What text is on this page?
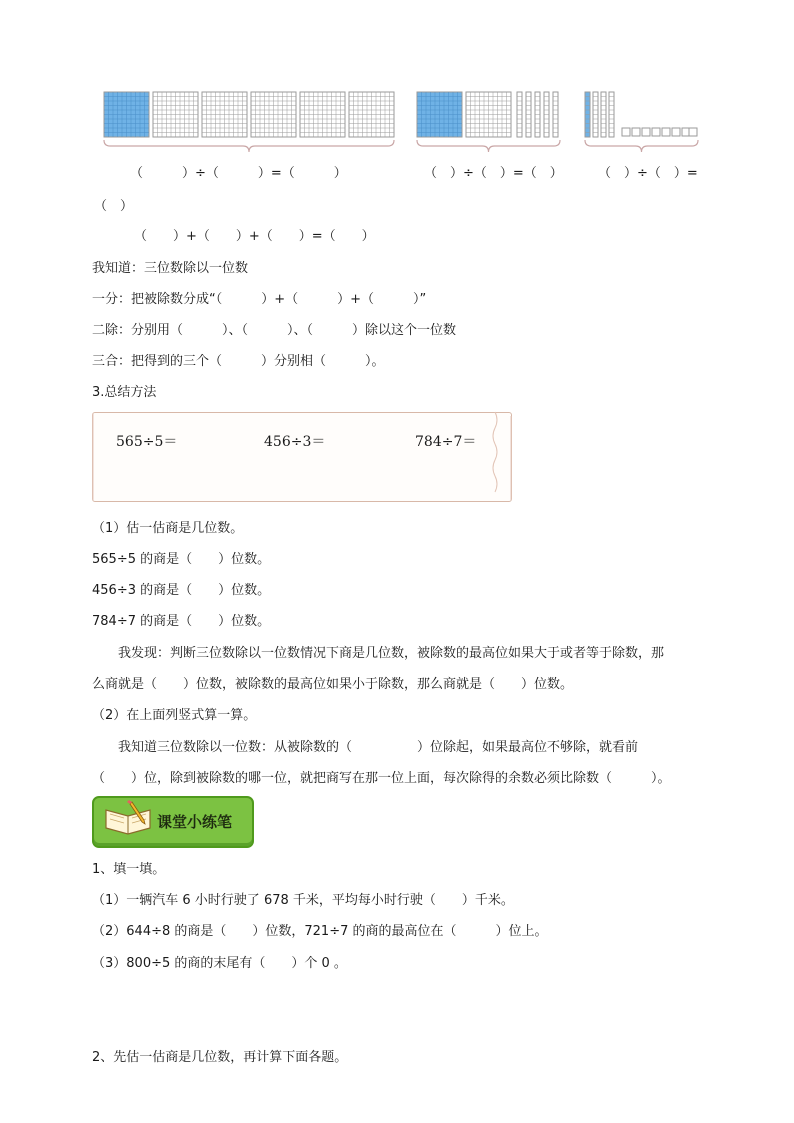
（　　　）÷（　　　）=（　　　）	（　）÷（　）=（　）	（　）÷（　）=
（　）
（　　）+（　　）+（　　）=（　　）
我知道：三位数除以一位数
一分：把被除数分成“（　　　）+（　　　）+（　　　）”
二除：分别用（　　　）、（　　　）、（　　　）除以这个一位数
三合：把得到的三个（　　　）分别相（　　　）。
3.总结方法
565÷5＝	456÷3＝	784÷7＝
（1）估一估商是几位数。
565÷5 的商是（　　）位数。
456÷3 的商是（　　）位数。
784÷7 的商是（　　）位数。
我发现：判断三位数除以一位数情况下商是几位数，被除数的最高位如果大于或者等于除数，那
么商就是（　　）位数，被除数的最高位如果小于除数，那么商就是（　　）位数。
（2）在上面列竖式算一算。
我知道三位数除以一位数：从被除数的（　　　　　）位除起，如果最高位不够除，就看前
（　　）位，除到被除数的哪一位，就把商写在那一位上面，每次除得的余数必须比除数（　　　）。
课堂小练笔
1、填一填。
（1）一辆汽车 6 小时行驶了 678 千米，平均每小时行驶（　　）千米。
（2）644÷8 的商是（　　）位数，721÷7 的商的最高位在（　　　）位上。
（3）800÷5 的商的末尾有（　　）个 0 。
2、先估一估商是几位数，再计算下面各题。
